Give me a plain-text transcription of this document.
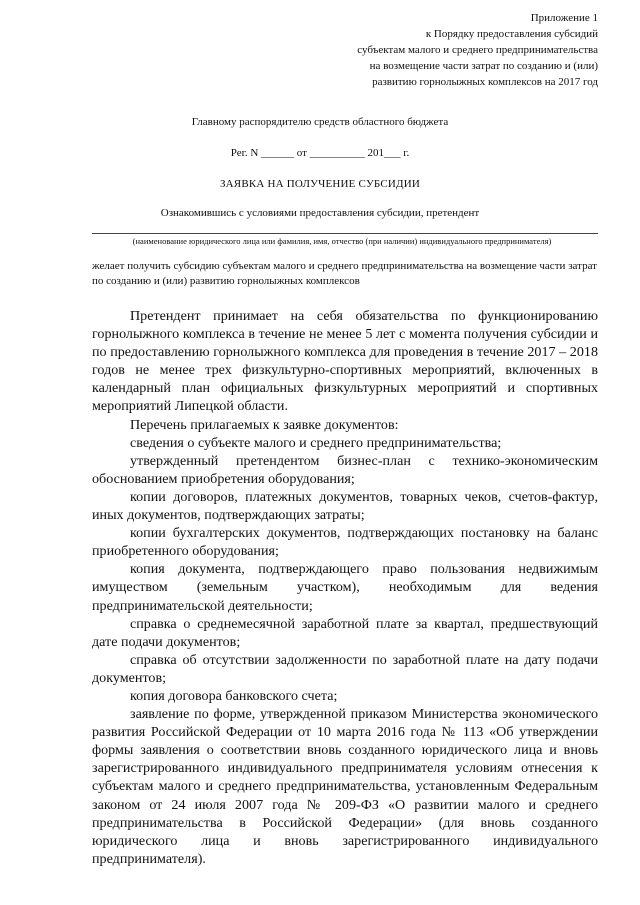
Приложение 1
к Порядку предоставления субсидий
субъектам малого и среднего предпринимательства
на возмещение части затрат по созданию и (или)
развитию горнолыжных комплексов на 2017 год
Главному распорядителю средств областного бюджета
Рег. N ______ от __________ 201___ г.
ЗАЯВКА НА ПОЛУЧЕНИЕ СУБСИДИИ
Ознакомившись с условиями предоставления субсидии, претендент
(наименование юридического лица или фамилия, имя, отчество (при наличии) индивидуального предпринимателя)
желает получить субсидию субъектам малого и среднего предпринимательства на возмещение части затрат по созданию и (или) развитию горнолыжных комплексов

Претендент принимает на себя обязательства по функционированию горнолыжного комплекса в течение не менее 5 лет с момента получения субсидии и по предоставлению горнолыжного комплекса для проведения в течение 2017 – 2018 годов не менее трех физкультурно-спортивных мероприятий, включенных в календарный план официальных физкультурных мероприятий и спортивных мероприятий Липецкой области.

Перечень прилагаемых к заявке документов:

сведения о субъекте малого и среднего предпринимательства;

утвержденный претендентом бизнес-план с технико-экономическим обоснованием приобретения оборудования;

копии договоров, платежных документов, товарных чеков, счетов-фактур, иных документов, подтверждающих затраты;

копии бухгалтерских документов, подтверждающих постановку на баланс приобретенного оборудования;

копия документа, подтверждающего право пользования недвижимым имуществом (земельным участком), необходимым для ведения предпринимательской деятельности;

справка о среднемесячной заработной плате за квартал, предшествующий дате подачи документов;

справка об отсутствии задолженности по заработной плате на дату подачи документов;

копия договора банковского счета;

заявление по форме, утвержденной приказом Министерства экономического развития Российской Федерации от 10 марта 2016 года № 113 «Об утверждении формы заявления о соответствии вновь созданного юридического лица и вновь зарегистрированного индивидуального предпринимателя условиям отнесения к субъектам малого и среднего предпринимательства, установленным Федеральным законом от 24 июля 2007 года № 209-ФЗ «О развитии малого и среднего предпринимательства в Российской Федерации» (для вновь созданного юридического лица и вновь зарегистрированного индивидуального предпринимателя).
